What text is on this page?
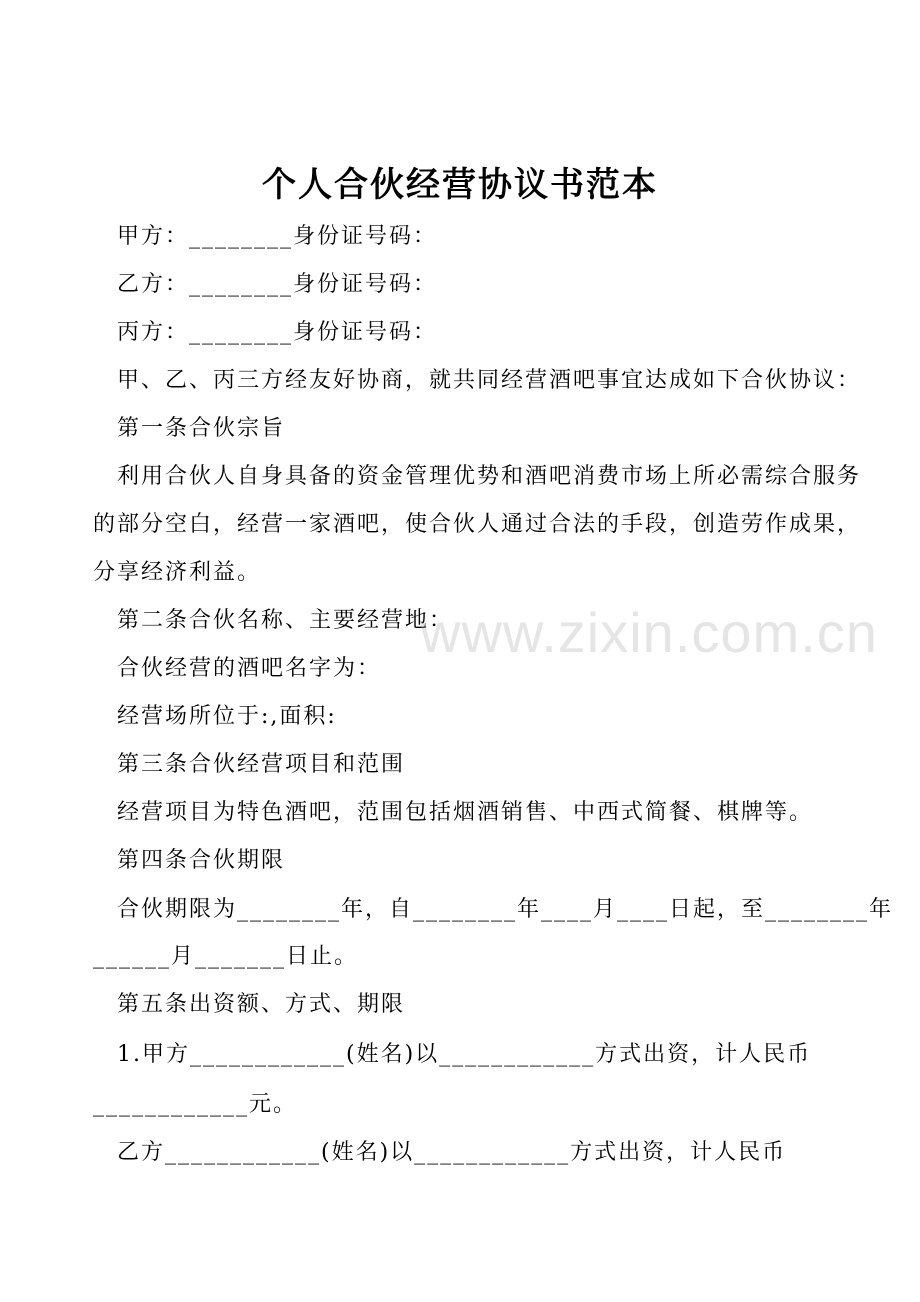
个人合伙经营协议书范本
甲方：________身份证号码：
乙方：________身份证号码：
丙方：________身份证号码：
甲、乙、丙三方经友好协商，就共同经营酒吧事宜达成如下合伙协议：
第一条合伙宗旨
利用合伙人自身具备的资金管理优势和酒吧消费市场上所必需综合服务
的部分空白，经营一家酒吧，使合伙人通过合法的手段，创造劳作成果，
分享经济利益。
第二条合伙名称、主要经营地：
合伙经营的酒吧名字为：
经营场所位于:,面积:
第三条合伙经营项目和范围
经营项目为特色酒吧，范围包括烟酒销售、中西式简餐、棋牌等。
第四条合伙期限
合伙期限为________年，自________年____月____日起，至________年
______月_______日止。
第五条出资额、方式、期限
1.甲方____________(姓名)以____________方式出资，计人民币
____________元。
乙方____________(姓名)以____________方式出资，计人民币
www.zixin.com.cn
